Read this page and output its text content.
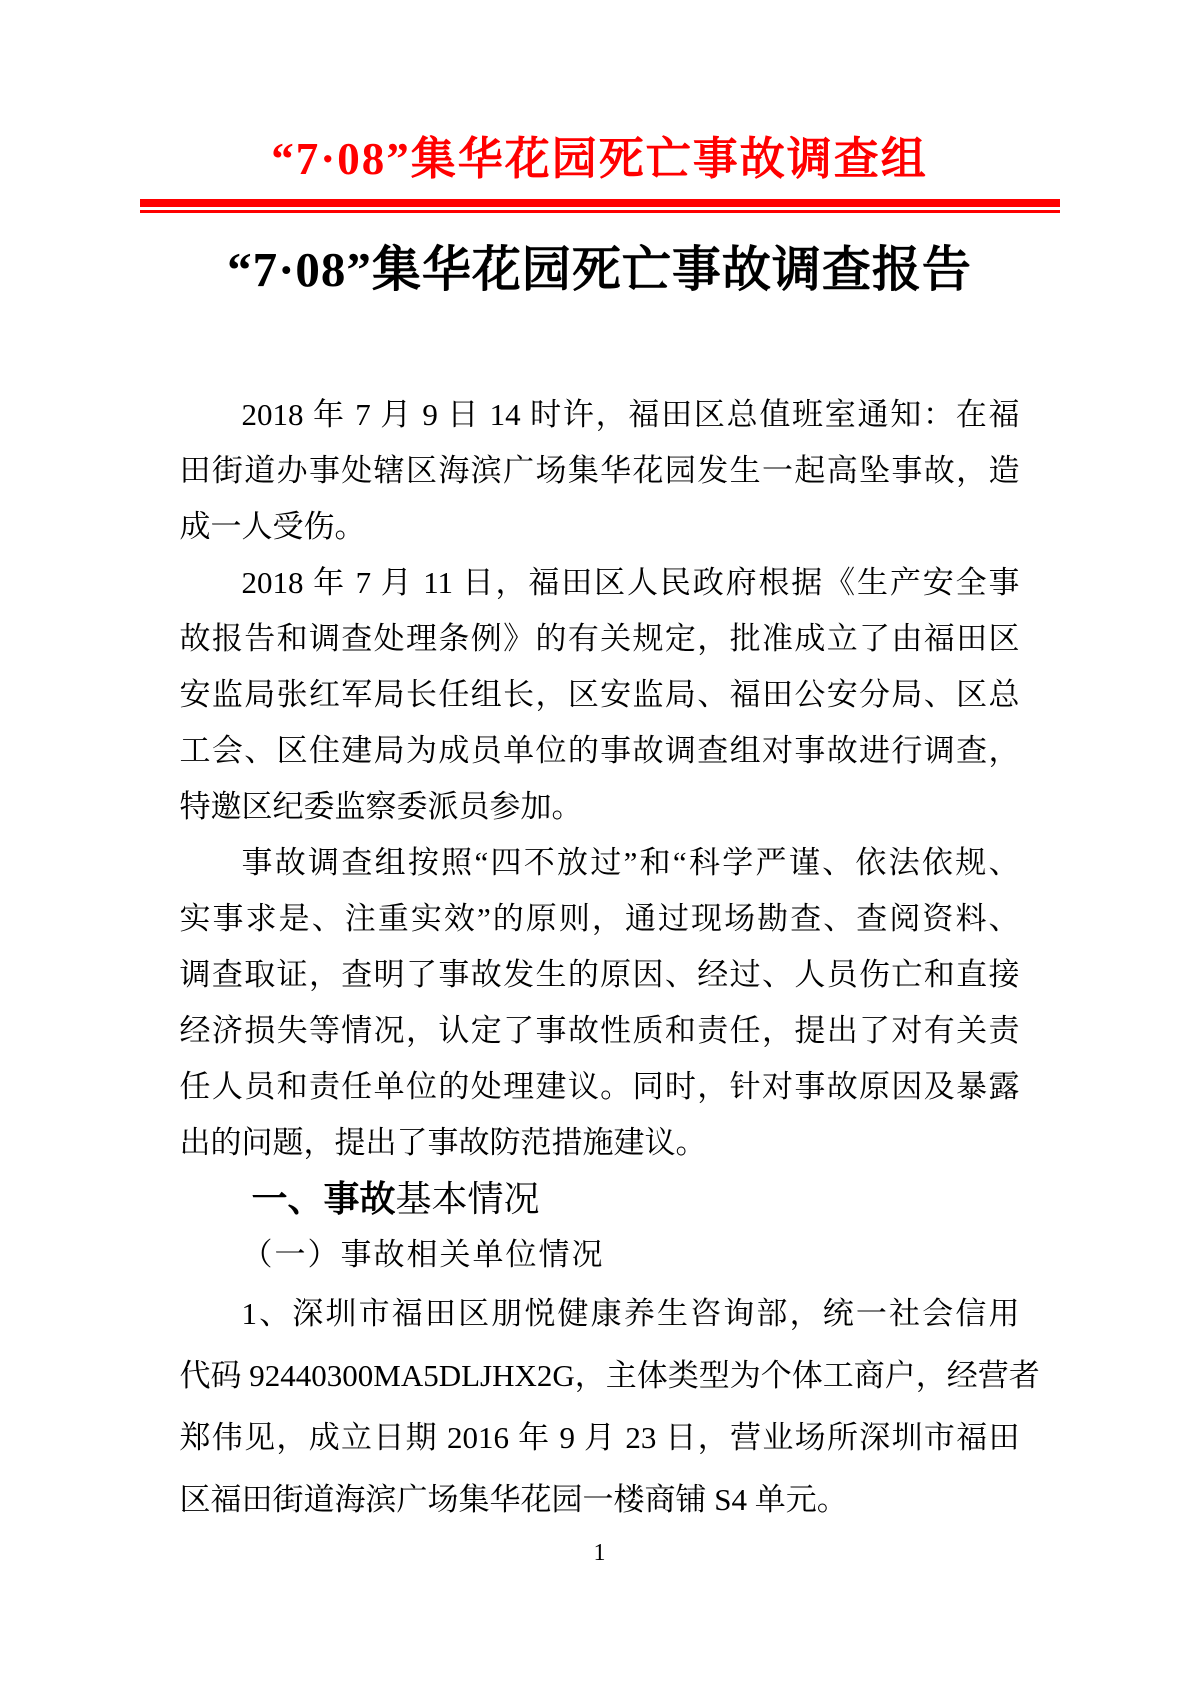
“7·08”集华花园死亡事故调查组
“7·08”集华花园死亡事故调查报告
2018 年 7 月 9 日 14 时许，福田区总值班室通知：在福
田街道办事处辖区海滨广场集华花园发生一起高坠事故，造
成一人受伤。
2018 年 7 月 11 日，福田区人民政府根据《生产安全事
故报告和调查处理条例》的有关规定，批准成立了由福田区
安监局张红军局长任组长，区安监局、福田公安分局、区总
工会、区住建局为成员单位的事故调查组对事故进行调查，
特邀区纪委监察委派员参加。
事故调查组按照“四不放过”和“科学严谨、依法依规、
实事求是、注重实效”的原则，通过现场勘查、查阅资料、
调查取证，查明了事故发生的原因、经过、人员伤亡和直接
经济损失等情况，认定了事故性质和责任，提出了对有关责
任人员和责任单位的处理建议。同时，针对事故原因及暴露
出的问题，提出了事故防范措施建议。
一、事故基本情况
（一）事故相关单位情况
1、深圳市福田区朋悦健康养生咨询部，统一社会信用
代码 92440300MA5DLJHX2G，主体类型为个体工商户，经营者
郑伟见，成立日期 2016 年 9 月 23 日，营业场所深圳市福田
区福田街道海滨广场集华花园一楼商铺 S4 单元。
1
